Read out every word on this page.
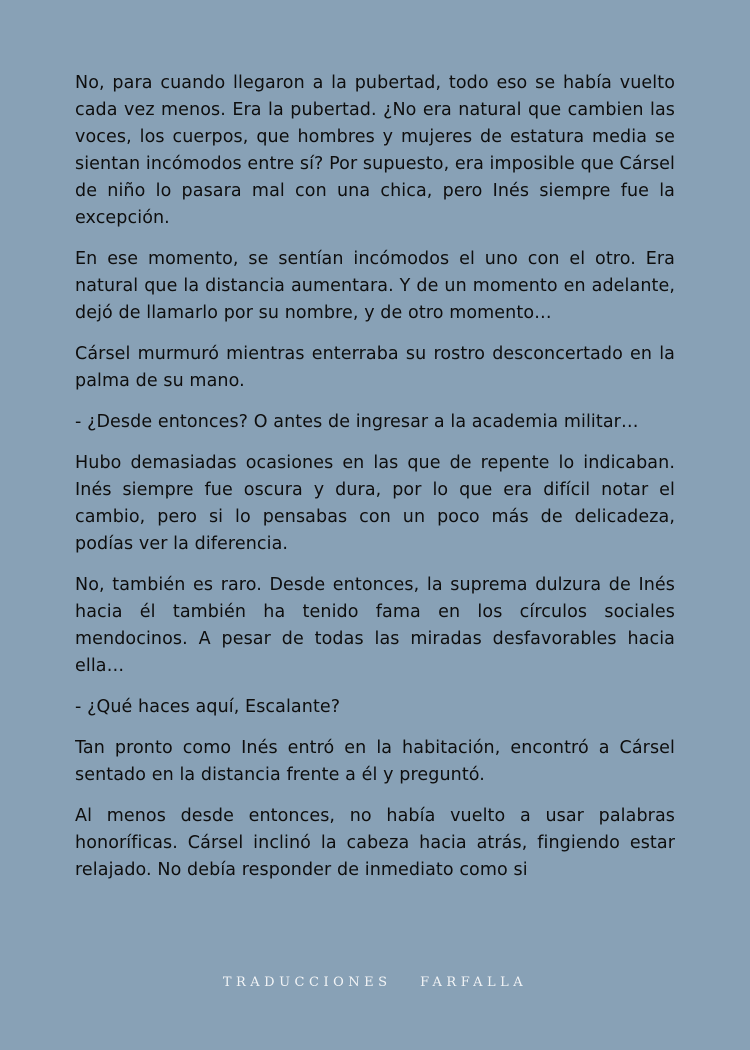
No, para cuando llegaron a la pubertad, todo eso se había vuelto cada vez menos. Era la pubertad. ¿No era natural que cambien las voces, los cuerpos, que hombres y mujeres de estatura media se sientan incómodos entre sí? Por supuesto, era imposible que Cársel de niño lo pasara mal con una chica, pero Inés siempre fue la excepción.

En ese momento, se sentían incómodos el uno con el otro. Era natural que la distancia aumentara. Y de un momento en adelante, dejó de llamarlo por su nombre, y de otro momento…

Cársel murmuró mientras enterraba su rostro desconcertado en la palma de su mano.

- ¿Desde entonces? O antes de ingresar a la academia militar…

Hubo demasiadas ocasiones en las que de repente lo indicaban. Inés siempre fue oscura y dura, por lo que era difícil notar el cambio, pero si lo pensabas con un poco más de delicadeza, podías ver la diferencia.

No, también es raro. Desde entonces, la suprema dulzura de Inés hacia él también ha tenido fama en los círculos sociales mendocinos. A pesar de todas las miradas desfavorables hacia ella…

- ¿Qué haces aquí, Escalante?

Tan pronto como Inés entró en la habitación, encontró a Cársel sentado en la distancia frente a él y preguntó.

Al menos desde entonces, no había vuelto a usar palabras honoríficas. Cársel inclinó la cabeza hacia atrás, fingiendo estar relajado. No debía responder de inmediato como si

TRADUCCIONES FARFALLA
